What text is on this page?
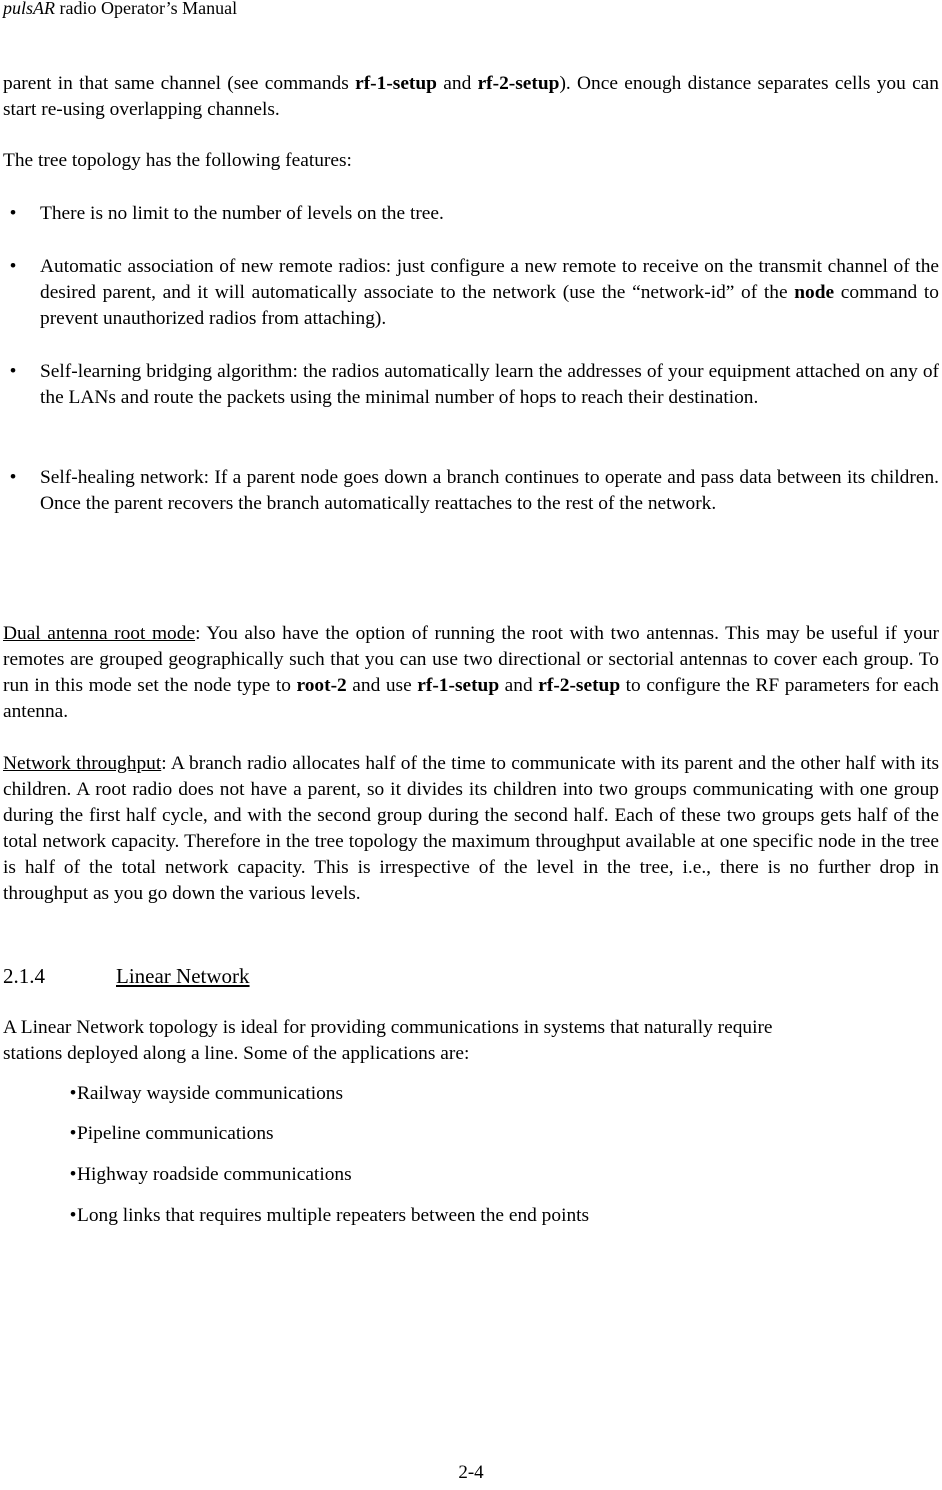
pulsAR radio Operator’s Manual
parent in that same channel (see commands rf-1-setup and rf-2-setup). Once enough distance separates cells you can start re-using overlapping channels.
The tree topology has the following features:
•	There is no limit to the number of levels on the tree.
•	Automatic association of new remote radios: just configure a new remote to receive on the transmit channel of the desired parent, and it will automatically associate to the network (use the “network-id” of the node command to prevent unauthorized radios from attaching).
•	Self-learning bridging algorithm: the radios automatically learn the addresses of your equipment attached on any of the LANs and route the packets using the minimal number of hops to reach their destination.
•	Self-healing network: If a parent node goes down a branch continues to operate and pass data between its children. Once the parent recovers the branch automatically reattaches to the rest of the network.
Dual antenna root mode: You also have the option of running the root with two antennas. This may be useful if your remotes are grouped geographically such that you can use two directional or sectorial antennas to cover each group. To run in this mode set the node type to root-2 and use rf-1-setup and rf-2-setup to configure the RF parameters for each antenna.
Network throughput: A branch radio allocates half of the time to communicate with its parent and the other half with its children. A root radio does not have a parent, so it divides its children into two groups communicating with one group during the first half cycle, and with the second group during the second half. Each of these two groups gets half of the total network capacity. Therefore in the tree topology the maximum throughput available at one specific node in the tree is half of the total network capacity. This is irrespective of the level in the tree, i.e., there is no further drop in throughput as you go down the various levels.
2.1.4	Linear Network
A Linear Network topology is ideal for providing communications in systems that naturally require
stations deployed along a line. Some of the applications are:
• Railway wayside communications
• Pipeline communications
• Highway roadside communications
• Long links that requires multiple repeaters between the end points
2-4
